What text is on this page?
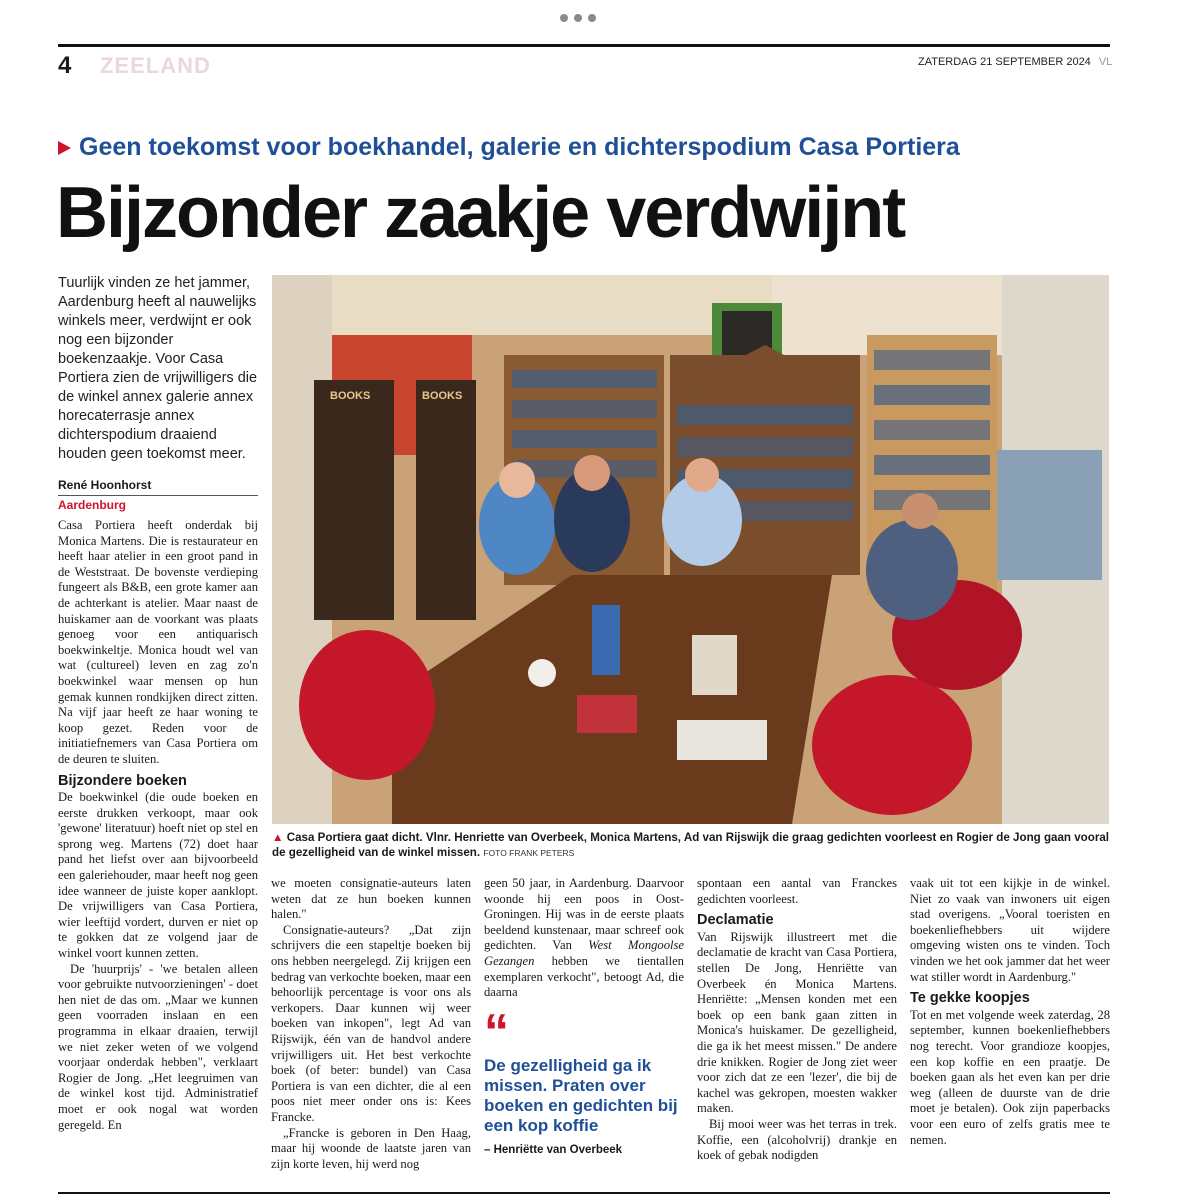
4 ZEELAND	ZATERDAG 21 SEPTEMBER 2024 VL
Geen toekomst voor boekhandel, galerie en dichterspodium Casa Portiera
Bijzonder zaakje verdwijnt
Tuurlijk vinden ze het jammer, Aardenburg heeft al nauwelijks winkels meer, verdwijnt er ook nog een bijzonder boekenzaakje. Voor Casa Portiera zien de vrijwilligers die de winkel annex galerie annex horecaterrasje annex dichterspodium draaiend houden geen toekomst meer.
René Hoonhorst
Aardenburg

Casa Portiera heeft onderdak bij Monica Martens. Die is restaurateur en heeft haar atelier in een groot pand in de Weststraat. De bovenste verdieping fungeert als B&B, een grote kamer aan de achterkant is atelier. Maar naast de huiskamer aan de voorkant was plaats genoeg voor een antiquarisch boekwinkeltje. Monica houdt wel van wat (cultureel) leven en zag zo'n boekwinkel waar mensen op hun gemak kunnen rondkijken direct zitten. Na vijf jaar heeft ze haar woning te koop gezet. Reden voor de initiatiefnemers van Casa Portiera om de deuren te sluiten.

Bijzondere boeken

De boekwinkel (die oude boeken en eerste drukken verkoopt, maar ook 'gewone' literatuur) hoeft niet op stel en sprong weg. Martens (72) doet haar pand het liefst over aan bijvoorbeeld een galeriehouder, maar heeft nog geen idee wanneer de juiste koper aanklopt. De vrijwilligers van Casa Portiera, wier leeftijd vordert, durven er niet op te gokken dat ze volgend jaar de winkel voort kunnen zetten.

De 'huurprijs' - 'we betalen alleen voor gebruikte nutvoorzieningen' - doet hen niet de das om. „Maar we kunnen geen voorraden inslaan en een programma in elkaar draaien, terwijl we niet zeker weten of we volgend voorjaar onderdak hebben", verklaart Rogier de Jong. „Het leegruimen van de winkel kost tijd. Administratief moet er ook nogal wat worden geregeld. En

BOOKS	BOOKS
▲ Casa Portiera gaat dicht. Vlnr. Henriette van Overbeek, Monica Martens, Ad van Rijswijk die graag gedichten voorleest en Rogier de Jong gaan vooral de gezelligheid van de winkel missen. FOTO FRANK PETERS

we moeten consignatie-auteurs laten weten dat ze hun boeken kunnen halen."

Consignatie-auteurs? „Dat zijn schrijvers die een stapeltje boeken bij ons hebben neergelegd. Zij krijgen een bedrag van verkochte boeken, maar een behoorlijk percentage is voor ons als verkopers. Daar kunnen wij weer boeken van inkopen", legt Ad van Rijswijk, één van de handvol andere vrijwilligers uit. Het best verkochte boek (of beter: bundel) van Casa Portiera is van een dichter, die al een poos niet meer onder ons is: Kees Francke.

„Francke is geboren in Den Haag, maar hij woonde de laatste jaren van zijn korte leven, hij werd nog

geen 50 jaar, in Aardenburg. Daarvoor woonde hij een poos in Oost-Groningen. Hij was in de eerste plaats beeldend kunstenaar, maar schreef ook gedichten. Van West Mongoolse Gezangen hebben we tientallen exemplaren verkocht", betoogt Ad, die daarna

“
De gezelligheid ga ik missen. Praten over boeken en gedichten bij een kop koffie
– Henriëtte van Overbeek

spontaan een aantal van Franckes gedichten voorleest.

Declamatie

Van Rijswijk illustreert met die declamatie de kracht van Casa Portiera, stellen De Jong, Henriëtte van Overbeek én Monica Martens. Henriëtte: „Mensen konden met een boek op een bank gaan zitten in Monica's huiskamer. De gezelligheid, die ga ik het meest missen." De andere drie knikken. Rogier de Jong ziet weer voor zich dat ze een 'lezer', die bij de kachel was gekropen, moesten wakker maken.

Bij mooi weer was het terras in trek. Koffie, een (alcoholvrij) drankje en koek of gebak nodigden

vaak uit tot een kijkje in de winkel. Niet zo vaak van inwoners uit eigen stad overigens. „Vooral toeristen en boekenliefhebbers uit wijdere omgeving wisten ons te vinden. Toch vinden we het ook jammer dat het weer wat stiller wordt in Aardenburg."

Te gekke koopjes

Tot en met volgende week zaterdag, 28 september, kunnen boekenliefhebbers nog terecht. Voor grandioze koopjes, een kop koffie en een praatje. De boeken gaan als het even kan per drie weg (alleen de duurste van de drie moet je betalen). Ook zijn paperbacks voor een euro of zelfs gratis mee te nemen.
